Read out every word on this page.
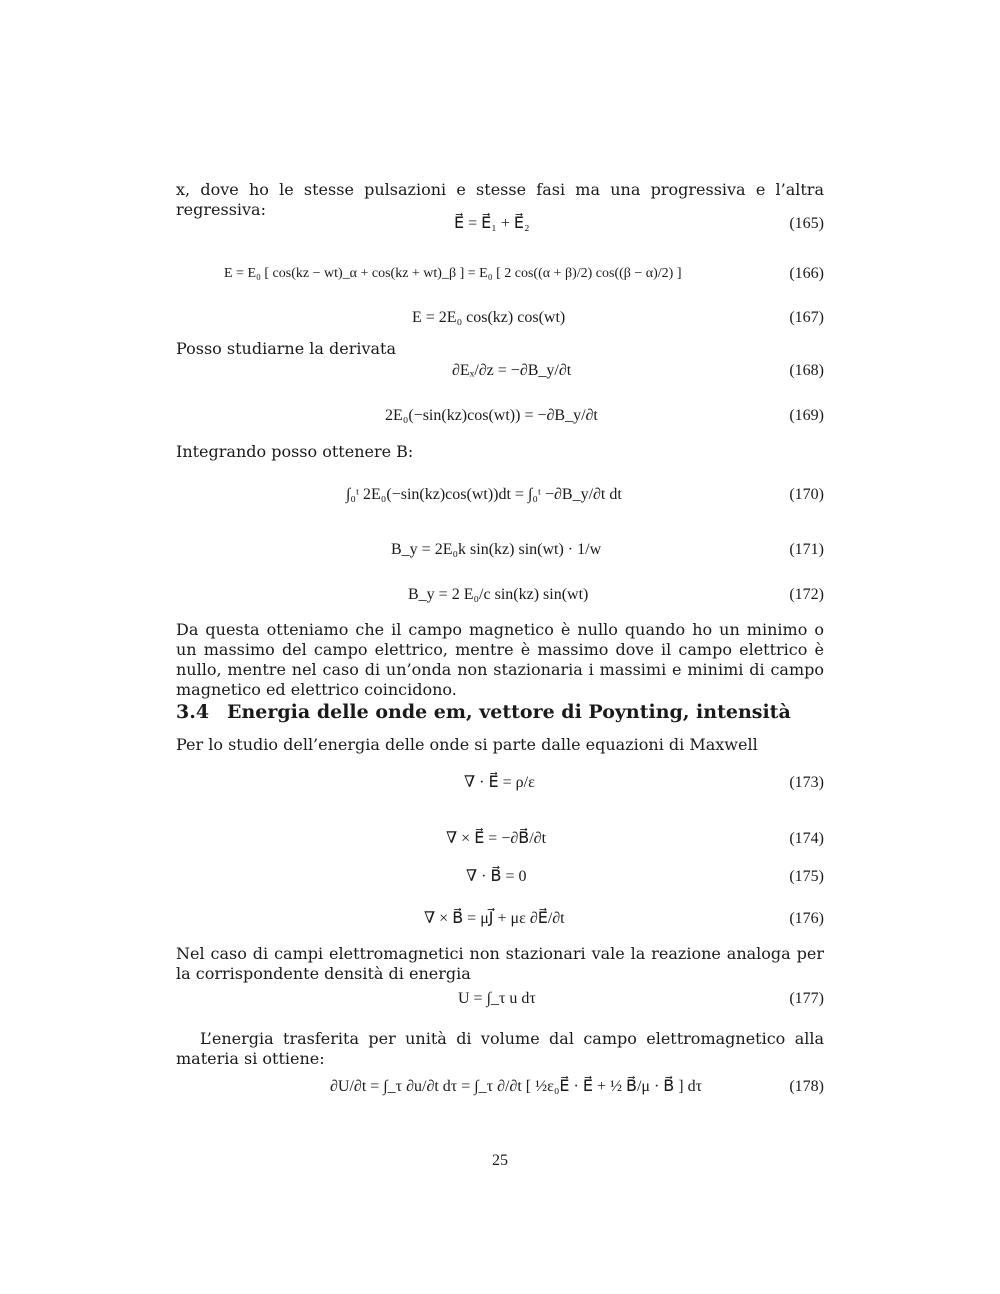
x, dove ho le stesse pulsazioni e stesse fasi ma una progressiva e l’altra regressiva:
E⃗ = E⃗₁ + E⃗₂	(165)
E = E₀ [ cos(kz − wt)_α + cos(kz + wt)_β ] = E₀ [ 2 cos((α + β)/2) cos((β − α)/2) ]	(166)
E = 2E₀ cos(kz) cos(wt)	(167)
Posso studiarne la derivata
∂Eₓ/∂z = −∂B_y/∂t	(168)
2E₀(−sin(kz)cos(wt)) = −∂B_y/∂t	(169)
Integrando posso ottenere B:
∫₀ᵗ 2E₀(−sin(kz)cos(wt))dt = ∫₀ᵗ −∂B_y/∂t dt	(170)
B_y = 2E₀k sin(kz) sin(wt) · 1/w	(171)
B_y = 2 E₀/c sin(kz) sin(wt)	(172)
Da questa otteniamo che il campo magnetico è nullo quando ho un minimo o un massimo del campo elettrico, mentre è massimo dove il campo elettrico è nullo, mentre nel caso di un’onda non stazionaria i massimi e minimi di campo magnetico ed elettrico coincidono.
3.4 Energia delle onde em, vettore di Poynting, intensità
Per lo studio dell’energia delle onde si parte dalle equazioni di Maxwell
∇ · E⃗ = ρ/ε	(173)
∇ × E⃗ = −∂B⃗/∂t	(174)
∇ · B⃗ = 0	(175)
∇ × B⃗ = μJ⃗ + με ∂E⃗/∂t	(176)
Nel caso di campi elettromagnetici non stazionari vale la reazione analoga per la corrispondente densità di energia
U = ∫_τ u dτ	(177)
L’energia trasferita per unità di volume dal campo elettromagnetico alla materia si ottiene:
∂U/∂t = ∫_τ ∂u/∂t dτ = ∫_τ ∂/∂t [ ½ε₀E⃗ · E⃗ + ½ B⃗/μ · B⃗ ] dτ	(178)
25
